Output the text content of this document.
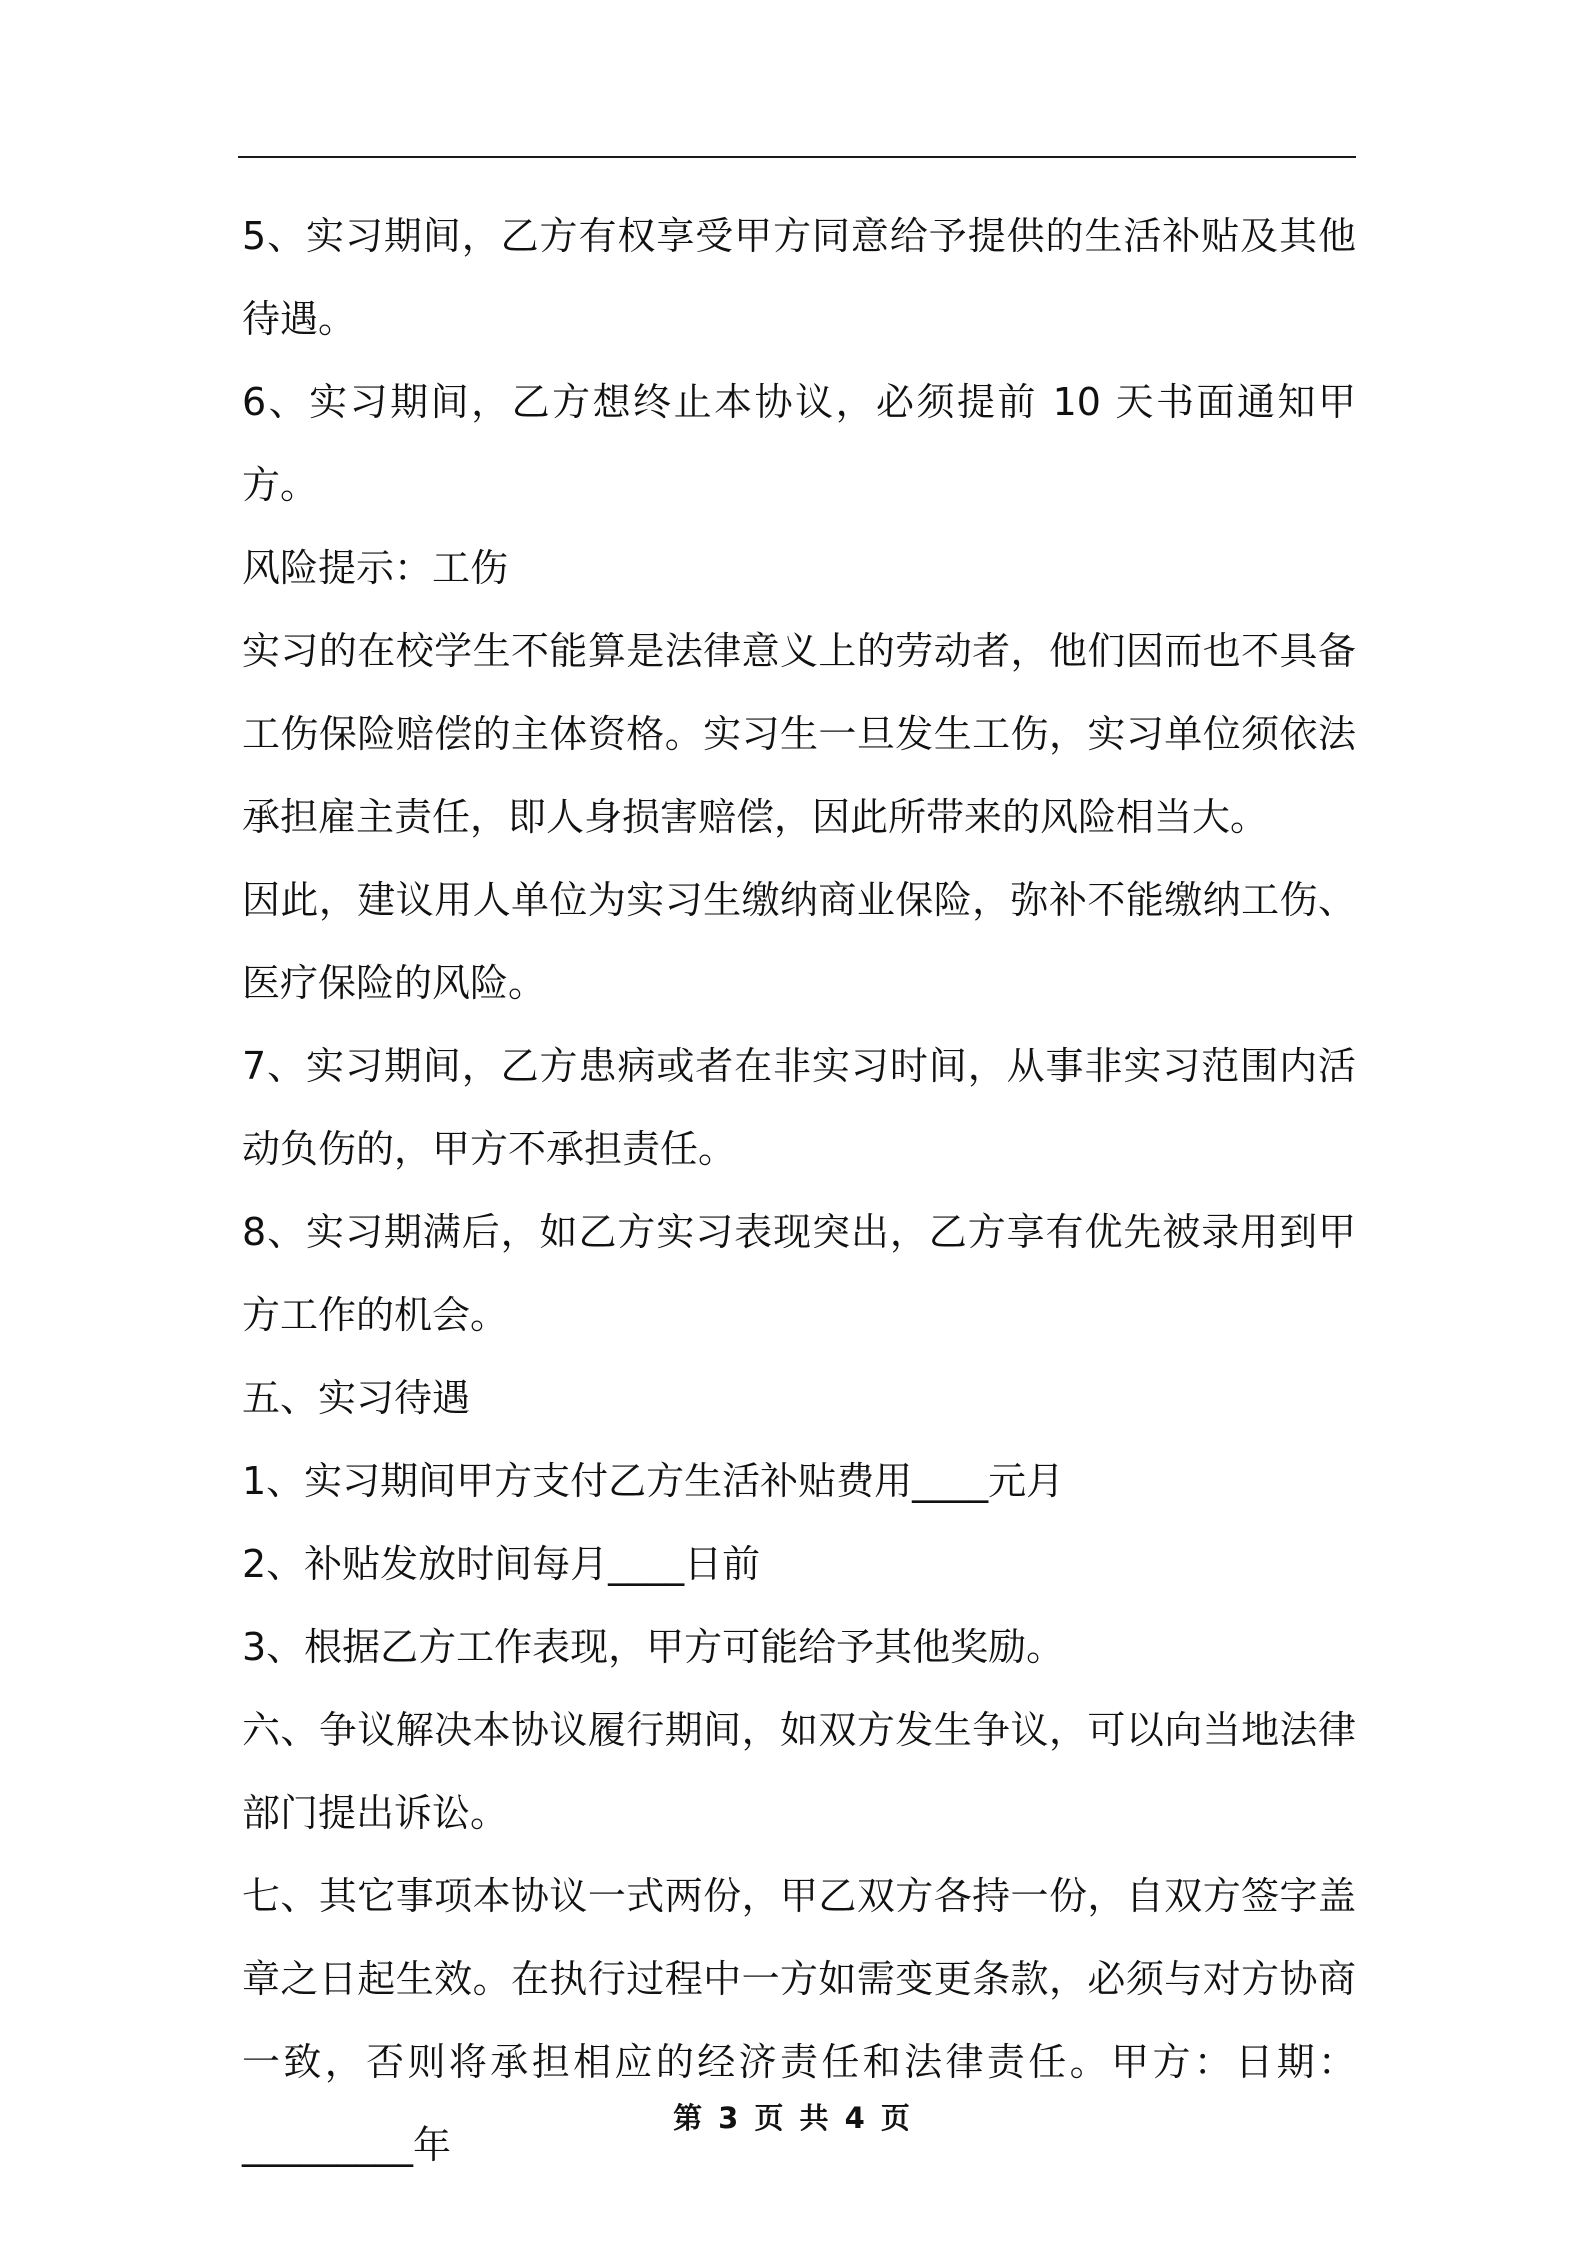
5、实习期间，乙方有权享受甲方同意给予提供的生活补贴及其他待遇。

6、实习期间，乙方想终止本协议，必须提前 10 天书面通知甲方。

风险提示：工伤

实习的在校学生不能算是法律意义上的劳动者，他们因而也不具备工伤保险赔偿的主体资格。实习生一旦发生工伤，实习单位须依法承担雇主责任，即人身损害赔偿，因此所带来的风险相当大。

因此，建议用人单位为实习生缴纳商业保险，弥补不能缴纳工伤、医疗保险的风险。

7、实习期间，乙方患病或者在非实习时间，从事非实习范围内活动负伤的，甲方不承担责任。

8、实习期满后，如乙方实习表现突出，乙方享有优先被录用到甲方工作的机会。

五、实习待遇

1、实习期间甲方支付乙方生活补贴费用____元月

2、补贴发放时间每月____日前

3、根据乙方工作表现，甲方可能给予其他奖励。

六、争议解决本协议履行期间，如双方发生争议，可以向当地法律部门提出诉讼。

七、其它事项本协议一式两份，甲乙双方各持一份，自双方签字盖章之日起生效。在执行过程中一方如需变更条款，必须与对方协商一致，否则将承担相应的经济责任和法律责任。甲方：日期：_________年

第 3 页 共 4 页
